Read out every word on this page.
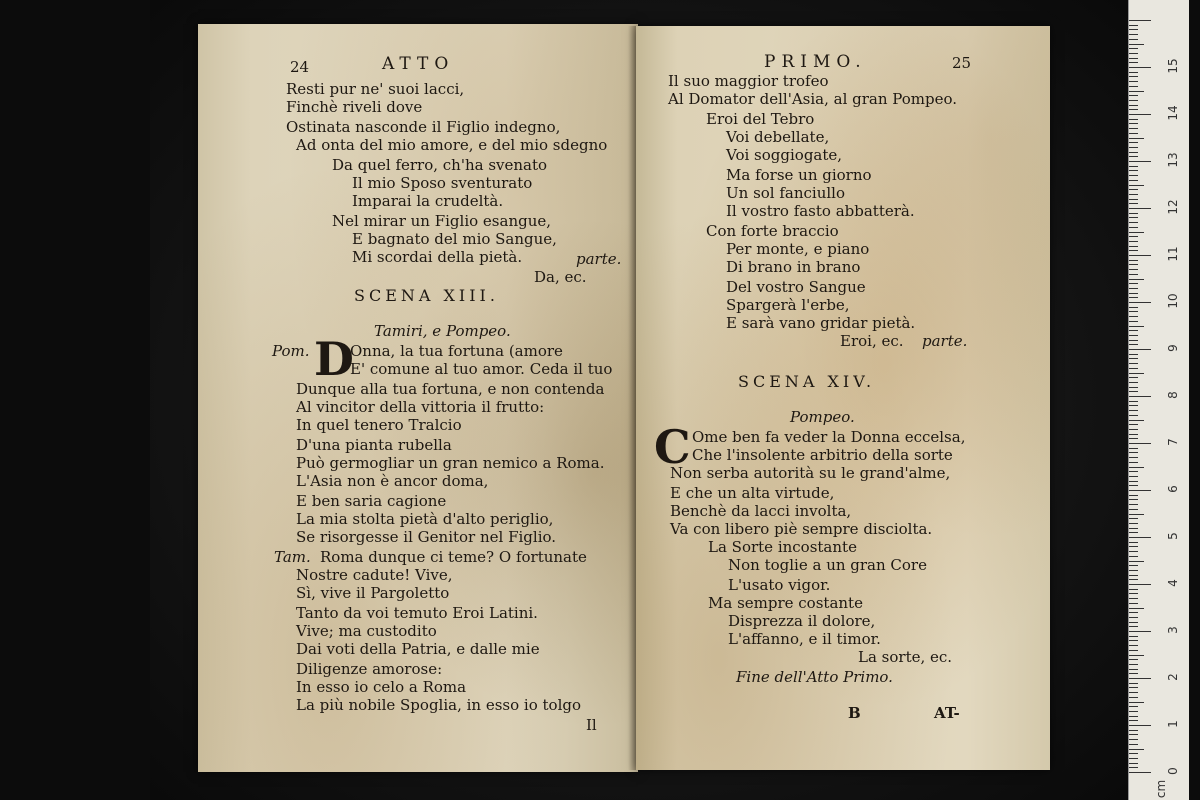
24	ATTO
Resti pur ne' suoi lacci,
Finchè riveli dove
Ostinata nasconde il Figlio indegno,
Ad onta del mio amore, e del mio sdegno
Da quel ferro, ch'ha svenato
Il mio Sposo sventurato
Imparai la crudeltà.
Nel mirar un Figlio esangue,
E bagnato del mio Sangue,
Mi scordai della pietà.	parte.
Da, ec.
SCENA XIII.
Tamiri, e Pompeo.
Pom. D
Onna, la tua fortuna (amore
E' comune al tuo amor. Ceda il tuo
Dunque alla tua fortuna, e non contenda
Al vincitor della vittoria il frutto:
In quel tenero Tralcio
D'una pianta rubella
Può germogliar un gran nemico a Roma.
L'Asia non è ancor doma,
E ben saria cagione
La mia stolta pietà d'alto periglio,
Se risorgesse il Genitor nel Figlio.
Tam. Roma dunque ci teme? O fortunate
Nostre cadute! Vive,
Sì, vive il Pargoletto
Tanto da voi temuto Eroi Latini.
Vive; ma custodito
Dai voti della Patria, e dalle mie
Diligenze amorose:
In esso io celo a Roma
La più nobile Spoglia, in esso io tolgo
Il
PRIMO.	25
Il suo maggior trofeo
Al Domator dell'Asia, al gran Pompeo.
Eroi del Tebro
Voi debellate,
Voi soggiogate,
Ma forse un giorno
Un sol fanciullo
Il vostro fasto abbatterà.
Con forte braccio
Per monte, e piano
Di brano in brano
Del vostro Sangue
Spargerà l'erbe,
E sarà vano gridar pietà.
Eroi, ec. parte.
SCENA XIV.
Pompeo.
C Ome ben fa veder la Donna eccelsa,
Che l'insolente arbitrio della sorte
Non serba autorità su le grand'alme,
E che un alta virtude,
Benchè da lacci involta,
Va con libero piè sempre disciolta.
La Sorte incostante
Non toglie a un gran Core
L'usato vigor.
Ma sempre costante
Disprezza il dolore,
L'affanno, e il timor.
La sorte, ec.
Fine dell'Atto Primo.
B	AT-
0
1
2
3
4
5
6
7
8
9
10
11
12
13
14
15
cm
